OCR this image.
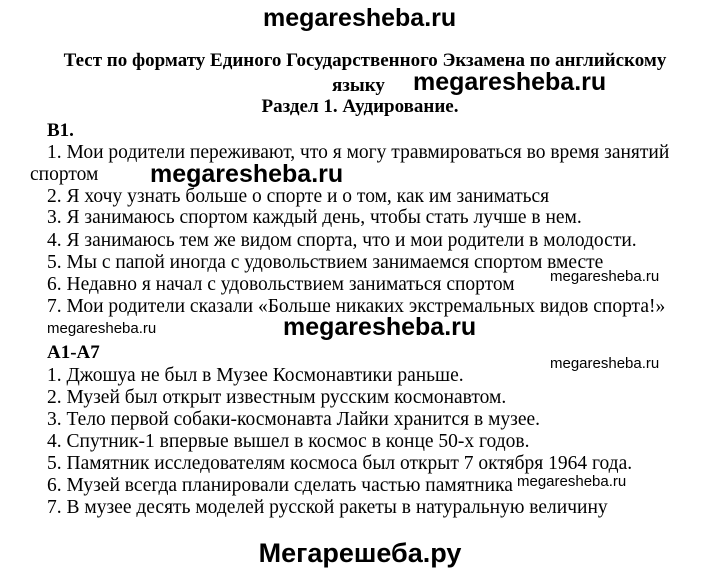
megaresheba.ru
Тест по формату Единого Государственного Экзамена по английскому
языку	megaresheba.ru
Раздел 1. Аудирование.
B1.
1. Мои родители переживают, что я могу травмироваться во время занятий
спортом megaresheba.ru
2. Я хочу узнать больше о спорте и о том, как им заниматься
3. Я занимаюсь спортом каждый день, чтобы стать лучше в нем.
4. Я занимаюсь тем же видом спорта, что и мои родители в молодости.
5. Мы с папой иногда с удовольствием занимаемся спортом вместе
megaresheba.ru
6. Недавно я начал с удовольствием заниматься спортом
7. Мои родители сказали «Больше никаких экстремальных видов спорта!»
megaresheba.ru	megaresheba.ru
A1-A7
megaresheba.ru
1. Джошуа не был в Музее Космонавтики раньше.
2. Музей был открыт известным русским космонавтом.
3. Тело первой собаки-космонавта Лайки хранится в музее.
4. Спутник-1 впервые вышел в космос в конце 50-х годов.
5. Памятник исследователям космоса был открыт 7 октября 1964 года.
megaresheba.ru
6. Музей всегда планировали сделать частью памятника
7. В музее десять моделей русской ракеты в натуральную величину
Мегарешеба.ру
